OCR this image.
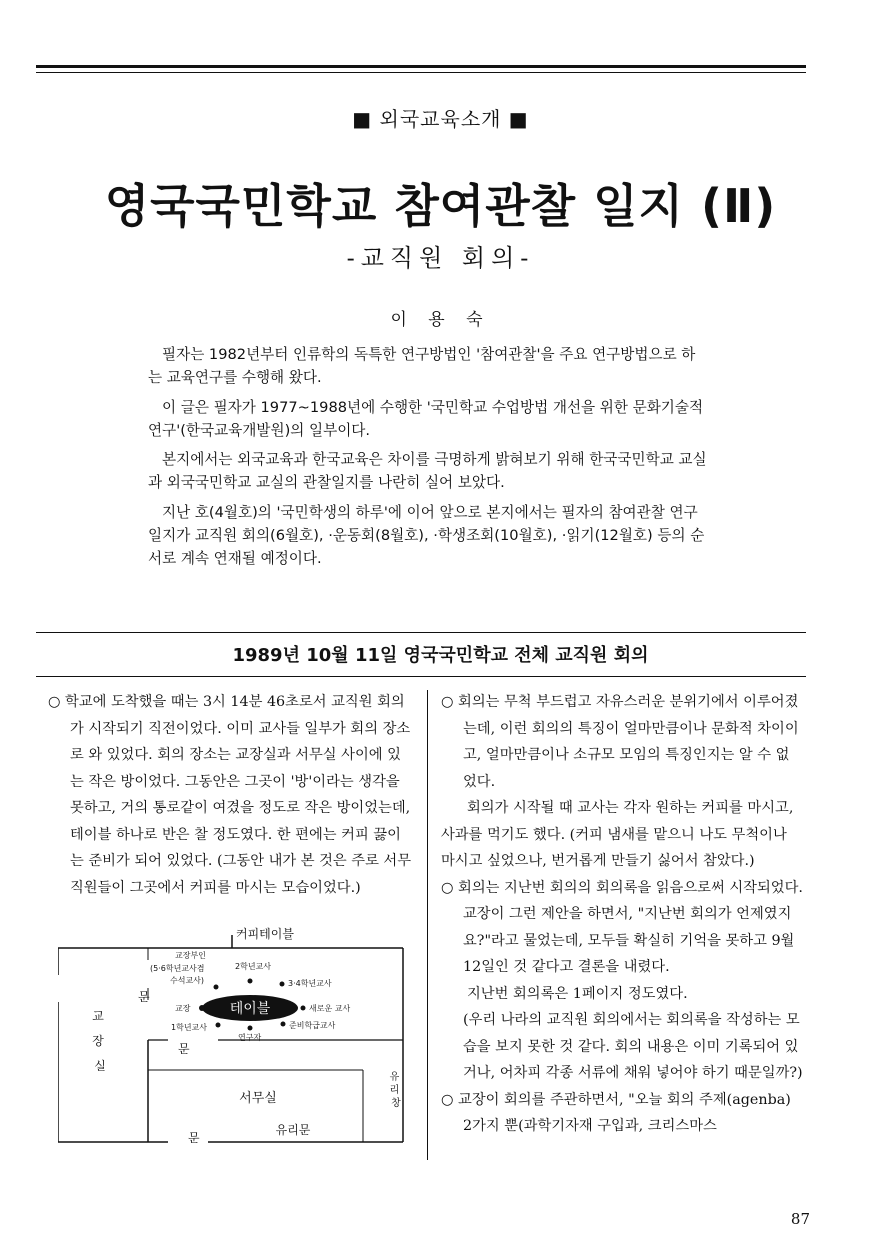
■ 외국교육소개 ■
영국국민학교 참여관찰 일지 (Ⅱ)
-교직원 회의-
이 용 숙

필자는 1982년부터 인류학의 독특한 연구방법인 '참여관찰'을 주요 연구방법으로 하는 교육연구를 수행해 왔다.

이 글은 필자가 1977~1988년에 수행한 '국민학교 수업방법 개선을 위한 문화기술적 연구'(한국교육개발원)의 일부이다.

본지에서는 외국교육과 한국교육은 차이를 극명하게 밝혀보기 위해 한국국민학교 교실과 외국국민학교 교실의 관찰일지를 나란히 실어 보았다.

지난 호(4월호)의 '국민학생의 하루'에 이어 앞으로 본지에서는 필자의 참여관찰 연구 일지가 교직원 회의(6월호), ·운동회(8월호), ·학생조회(10월호), ·읽기(12월호) 등의 순서로 계속 연재될 예정이다.

1989년 10월 11일 영국국민학교 전체 교직원 회의

○ 학교에 도착했을 때는 3시 14분 46초로서 교직원 회의가 시작되기 직전이었다. 이미 교사들 일부가 회의 장소로 와 있었다. 회의 장소는 교장실과 서무실 사이에 있는 작은 방이었다. 그동안은 그곳이 '방'이라는 생각을 못하고, 거의 통로같이 여겼을 정도로 작은 방이었는데, 테이블 하나로 반은 찰 정도였다. 한 편에는 커피 끓이는 준비가 되어 있었다. (그동안 내가 본 것은 주로 서무직원들이 그곳에서 커피를 마시는 모습이었다.)

커피테이블
테이블
교장부인
(5·6학년교사겸
수석교사)
2학년교사
3·4학년교사
문
교장	새로운 교사
1학년교사
연구자
준비학급교사
교 장 실
문
서무실
유 리 창
유리문
문

○ 회의는 무척 부드럽고 자유스러운 분위기에서 이루어졌는데, 이런 회의의 특징이 얼마만큼이나 문화적 차이이고, 얼마만큼이나 소규모 모임의 특징인지는 알 수 없었다.

회의가 시작될 때 교사는 각자 원하는 커피를 마시고, 사과를 먹기도 했다. (커피 냄새를 맡으니 나도 무척이나 마시고 싶었으나, 번거롭게 만들기 싫어서 참았다.)

○ 회의는 지난번 회의의 회의록을 읽음으로써 시작되었다. 교장이 그런 제안을 하면서, "지난번 회의가 언제였지요?"라고 물었는데, 모두들 확실히 기억을 못하고 9월 12일인 것 같다고 결론을 내렸다.

지난번 회의록은 1페이지 정도였다.

(우리 나라의 교직원 회의에서는 회의록을 작성하는 모습을 보지 못한 것 같다. 회의 내용은 이미 기록되어 있거나, 어차피 각종 서류에 채워 넣어야 하기 때문일까?)

○ 교장이 회의를 주관하면서, "오늘 회의 주제(agenba) 2가지 뿐(과학기자재 구입과, 크리스마스

87
